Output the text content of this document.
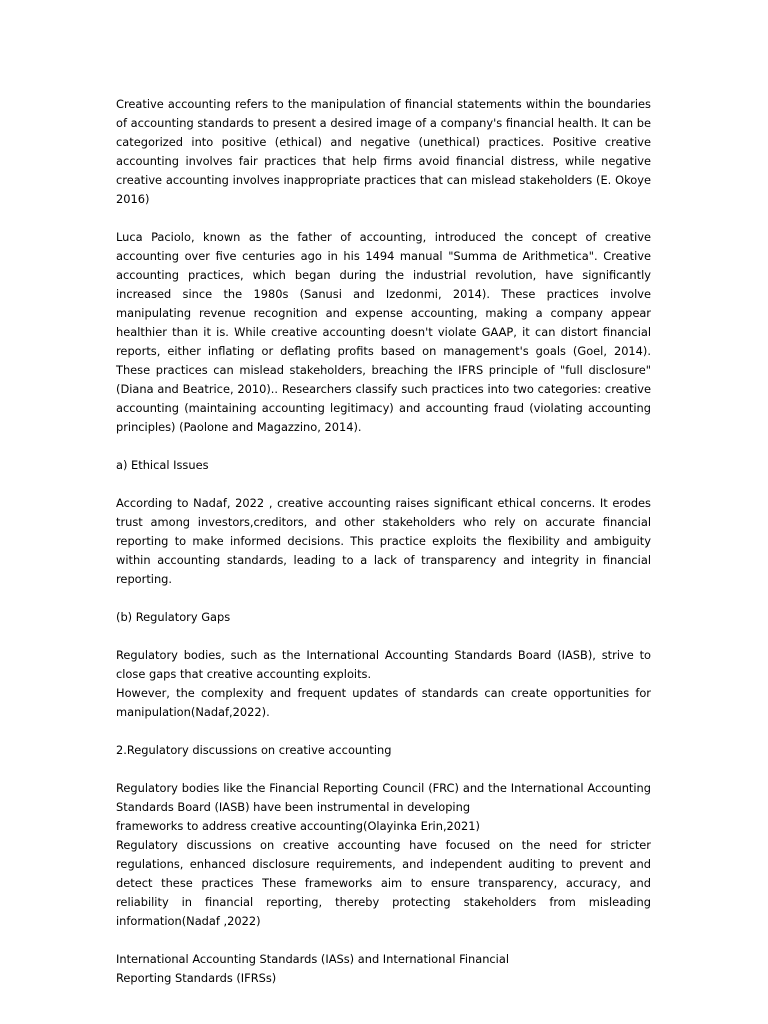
Creative accounting refers to the manipulation of financial statements within the boundaries of accounting standards to present a desired image of a company's financial health. It can be categorized into positive (ethical) and negative (unethical) practices. Positive creative accounting involves fair practices that help firms avoid financial distress, while negative creative accounting involves inappropriate practices that can mislead stakeholders (E. Okoye 2016)

Luca Paciolo, known as the father of accounting, introduced the concept of creative accounting over five centuries ago in his 1494 manual "Summa de Arithmetica". Creative accounting practices, which began during the industrial revolution, have significantly increased since the 1980s (Sanusi and Izedonmi, 2014). These practices involve manipulating revenue recognition and expense accounting, making a company appear healthier than it is. While creative accounting doesn't violate GAAP, it can distort financial reports, either inflating or deflating profits based on management's goals (Goel, 2014). These practices can mislead stakeholders, breaching the IFRS principle of "full disclosure" (Diana and Beatrice, 2010).. Researchers classify such practices into two categories: creative accounting (maintaining accounting legitimacy) and accounting fraud (violating accounting principles) (Paolone and Magazzino, 2014).

a) Ethical Issues

According to Nadaf, 2022 , creative accounting raises significant ethical concerns. It erodes trust among investors,creditors, and other stakeholders who rely on accurate financial reporting to make informed decisions. This practice exploits the flexibility and ambiguity within accounting standards, leading to a lack of transparency and integrity in financial reporting.

(b) Regulatory Gaps

Regulatory bodies, such as the International Accounting Standards Board (IASB), strive to close gaps that creative accounting exploits.

However, the complexity and frequent updates of standards can create opportunities for manipulation(Nadaf,2022).

2.Regulatory discussions on creative accounting

Regulatory bodies like the Financial Reporting Council (FRC) and the International Accounting Standards Board (IASB) have been instrumental in developing

frameworks to address creative accounting(Olayinka Erin,2021)

Regulatory discussions on creative accounting have focused on the need for stricter regulations, enhanced disclosure requirements, and independent auditing to prevent and detect these practices These frameworks aim to ensure transparency, accuracy, and reliability in financial reporting, thereby protecting stakeholders from misleading information(Nadaf ,2022)

International Accounting Standards (IASs) and International Financial

Reporting Standards (IFRSs)
